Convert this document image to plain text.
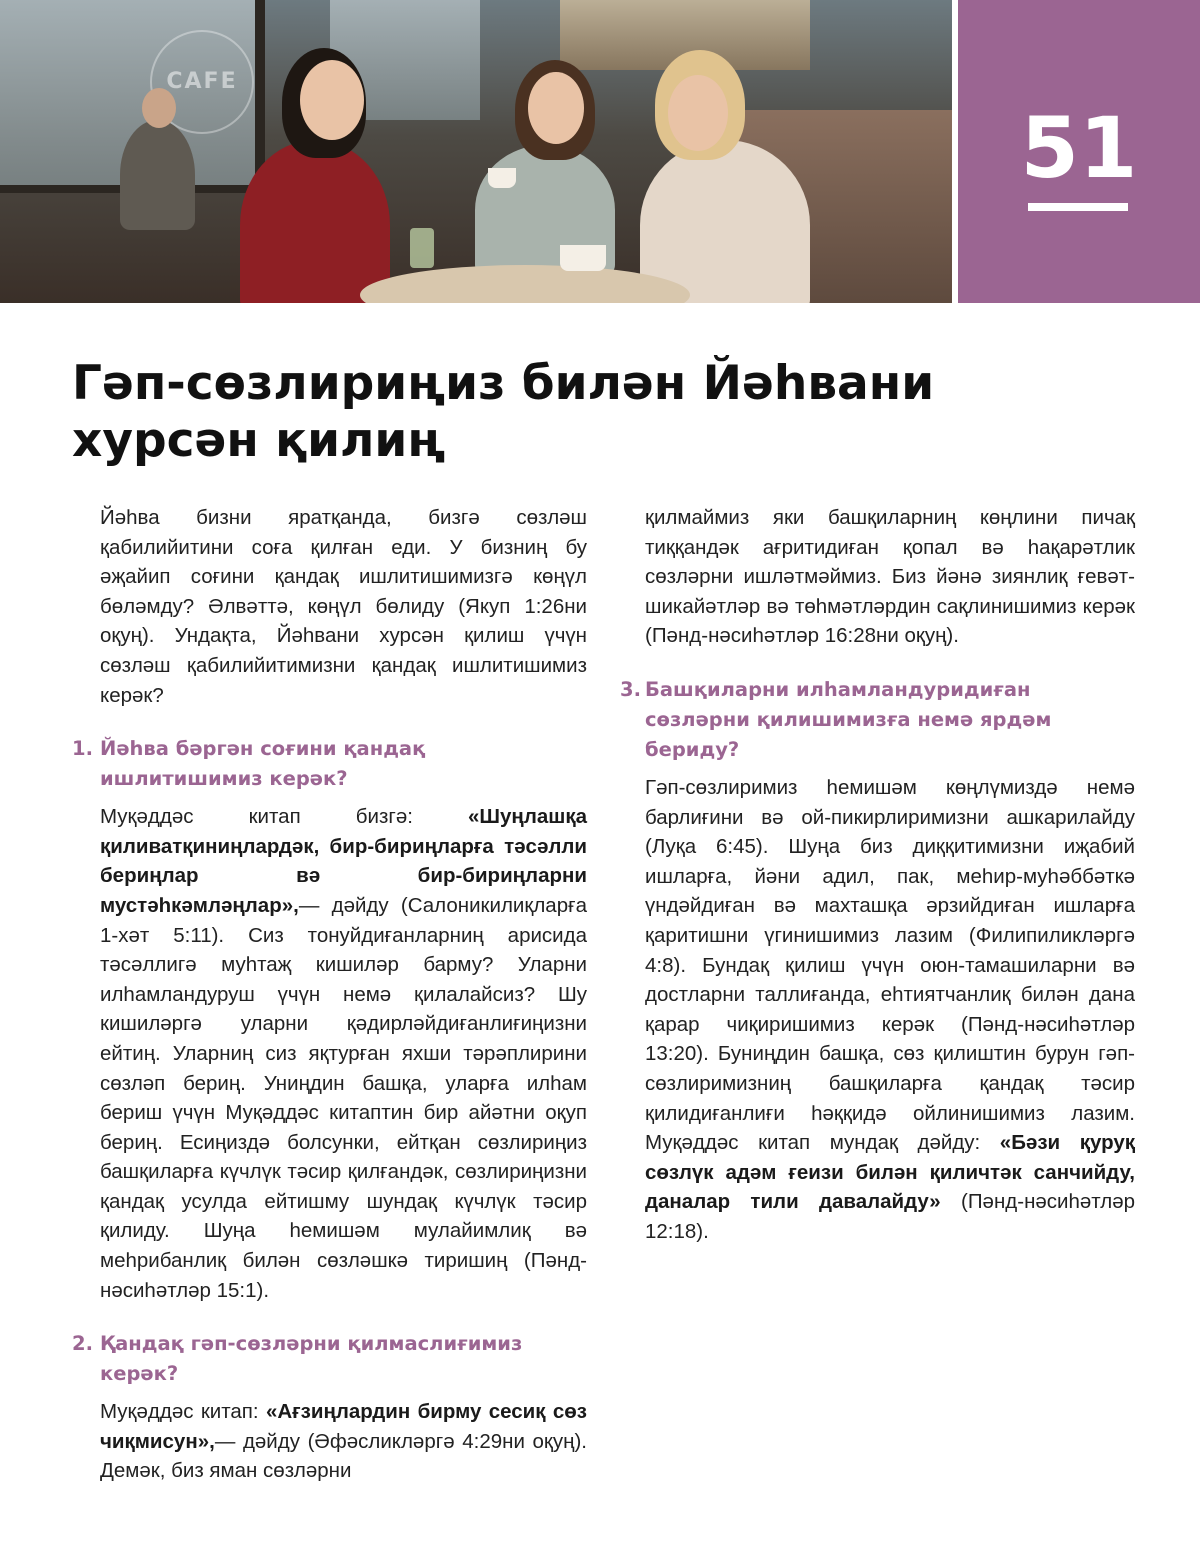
CAFE
51
Гәп-сөзлириңиз билән Йәһвани
хурсән қилиң

Йәһва бизни яратқанда, бизгә сөзләш қабилийитини соға қилған еди. У бизниң бу әҗайип соғини қандақ ишлитишимизгә көңүл бөләмду? Әлвәттә, көңүл бөлиду (Якуп 1:26ни оқуң). Ундақта, Йәһвани хурсән қилиш үчүн сөзләш қабилийитимизни қандақ ишлитишимиз керәк?

1. Йәһва бәргән соғини қандақ ишлитишимиз керәк?

Муқәддәс китап бизгә: «Шуңлашқа қиливатқиниңлардәк, бир-бириңларға тәсәлли бериңлар вә бир-бириңларни мустәһкәмләңлар»,— дәйду (Салоникилиқларға 1-хәт 5:11). Сиз тонуйдиғанларниң арисида тәсәллигә муһтаҗ кишиләр барму? Уларни илһамландуруш үчүн немә қилалайсиз? Шу кишиләргә уларни қәдирләйдиғанлиғиңизни ейтиң. Уларниң сиз яқтурған яхши тәрәплирини сөзләп бериң. Униңдин башқа, уларға илһам бериш үчүн Муқәддәс китаптин бир айәтни оқуп бериң. Есиңиздә болсунки, ейтқан сөзлириңиз башқиларға күчлүк тәсир қилғандәк, сөзлириңизни қандақ усулда ейтишму шундақ күчлүк тәсир қилиду. Шуңа һемишәм мулайимлиқ вә меһрибанлиқ билән сөзләшкә тиришиң (Пәнд-нәсиһәтләр 15:1).

2. Қандақ гәп-сөзләрни қилмаслиғимиз керәк?

Муқәддәс китап: «Ағзиңлардин бирму сесиқ сөз чиқмисун»,— дәйду (Әфәсликләргә 4:29ни оқуң). Демәк, биз яман сөзләрни

қилмаймиз яки башқиларниң көңлини пичақ тиққандәк ағритидиған қопал вә һақарәтлик сөзләрни ишләтмәймиз. Биз йәнә зиянлиқ ғевәт-шикайәтләр вә төһмәтләрдин сақлинишимиз керәк (Пәнд-нәсиһәтләр 16:28ни оқуң).

3. Башқиларни илһамландуридиған сөзләрни қилишимизға немә ярдәм бериду?

Гәп-сөзлиримиз һемишәм көңлүмиздә немә барлиғини вә ой-пикирлиримизни ашкарилайду (Луқа 6:45). Шуңа биз диққитимизни иҗабий ишларға, йәни адил, пак, меһир-муһәббәткә үндәйдиған вә махташқа әрзийдиған ишларға қаритишни үгинишимиз лазим (Филипиликләргә 4:8). Бундақ қилиш үчүн оюн-тамашиларни вә достларни таллиғанда, еһтиятчанлиқ билән дана қарар чиқиришимиз керәк (Пәнд-нәсиһәтләр 13:20). Буниңдин башқа, сөз қилиштин бурун гәп-сөзлиримизниң башқиларға қандақ тәсир қилидиғанлиғи һәққидә ойлинишимиз лазим. Муқәддәс китап мундақ дәйду: «Бәзи қуруқ сөзлүк адәм ғеизи билән қиличтәк санчийду, даналар тили давалайду» (Пәнд-нәсиһәтләр 12:18).
